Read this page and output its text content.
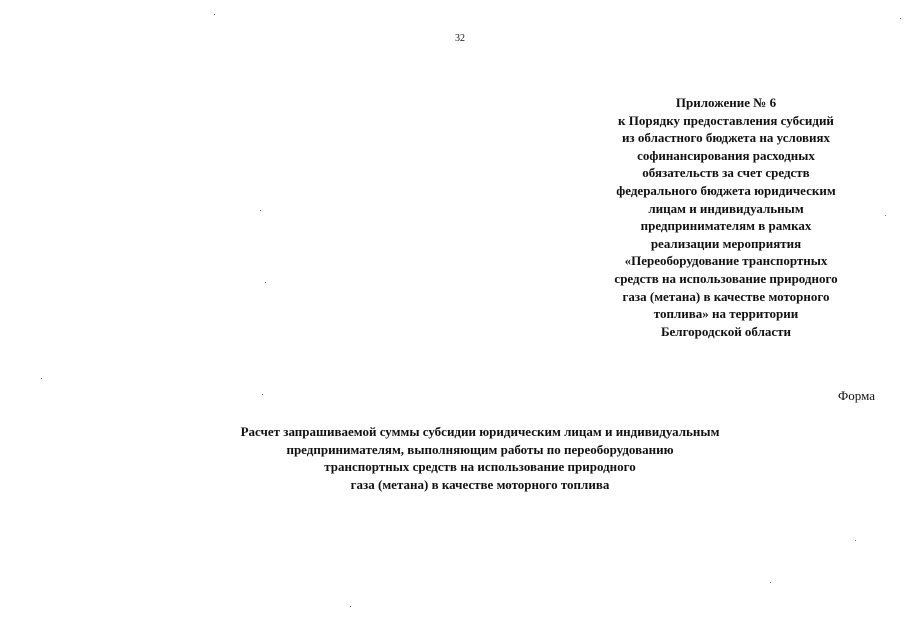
32
Приложение № 6
к Порядку предоставления субсидий
из областного бюджета на условиях
софинансирования расходных
обязательств за счет средств
федерального бюджета юридическим
лицам и индивидуальным
предпринимателям в рамках
реализации мероприятия
«Переоборудование транспортных
средств на использование природного
газа (метана) в качестве моторного
топлива» на территории
Белгородской области
Форма
Расчет запрашиваемой суммы субсидии юридическим лицам и индивидуальным
предпринимателям, выполняющим работы по переоборудованию
транспортных средств на использование природного
газа (метана) в качестве моторного топлива
